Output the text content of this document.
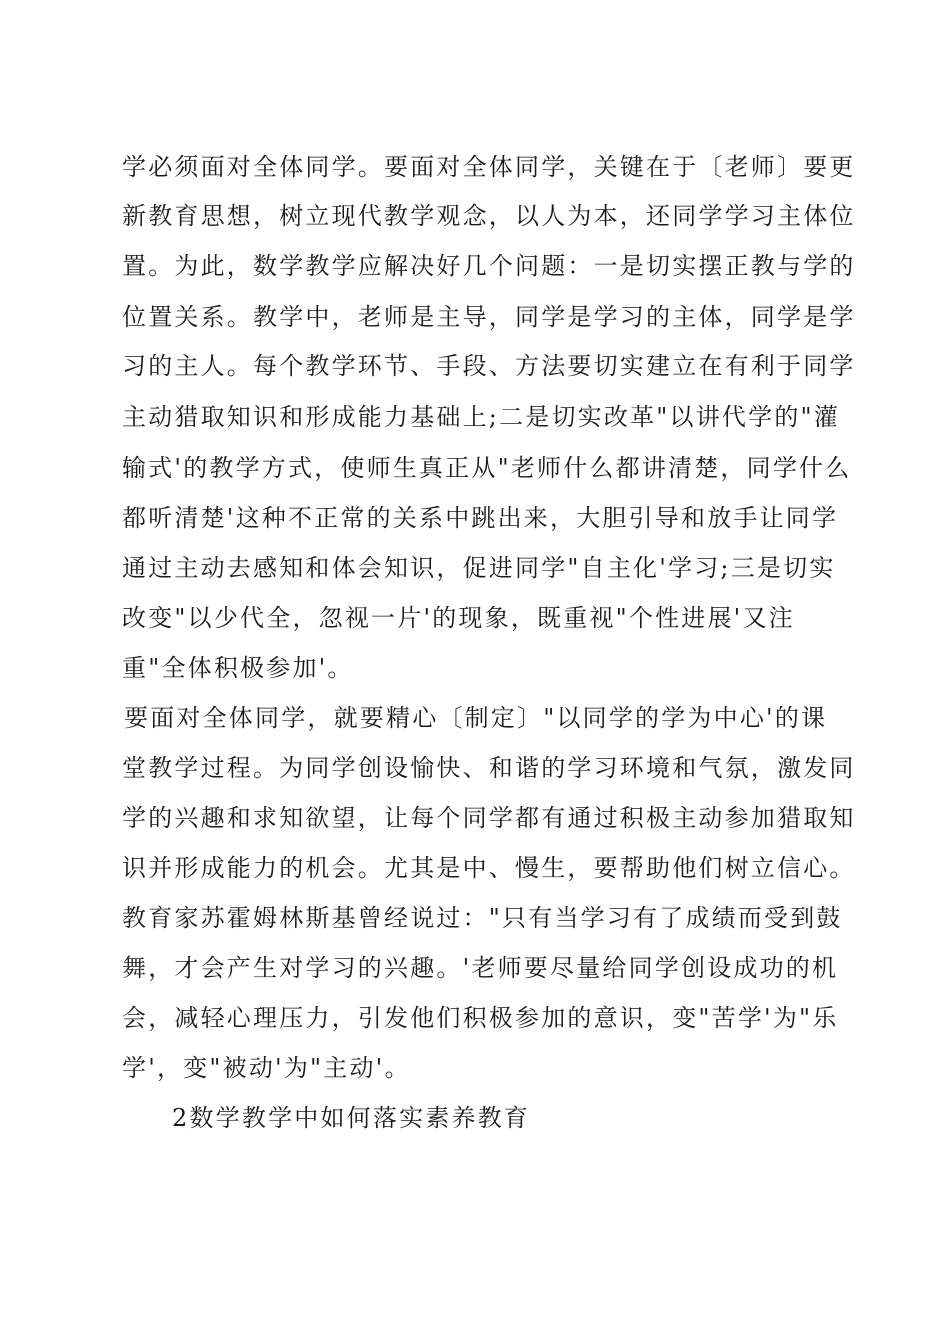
学必须面对全体同学。要面对全体同学，关键在于〔老师〕要更
新教育思想，树立现代教学观念，以人为本，还同学学习主体位
置。为此，数学教学应解决好几个问题：一是切实摆正教与学的
位置关系。教学中，老师是主导，同学是学习的主体，同学是学
习的主人。每个教学环节、手段、方法要切实建立在有利于同学
主动猎取知识和形成能力基础上;二是切实改革"以讲代学的"灌
输式'的教学方式，使师生真正从"老师什么都讲清楚，同学什么
都听清楚'这种不正常的关系中跳出来，大胆引导和放手让同学
通过主动去感知和体会知识，促进同学"自主化'学习;三是切实
改变"以少代全，忽视一片'的现象，既重视"个性进展'又注
重"全体积极参加'。
要面对全体同学，就要精心〔制定〕"以同学的学为中心'的课
堂教学过程。为同学创设愉快、和谐的学习环境和气氛，激发同
学的兴趣和求知欲望，让每个同学都有通过积极主动参加猎取知
识并形成能力的机会。尤其是中、慢生，要帮助他们树立信心。
教育家苏霍姆林斯基曾经说过："只有当学习有了成绩而受到鼓
舞，才会产生对学习的兴趣。'老师要尽量给同学创设成功的机
会，减轻心理压力，引发他们积极参加的意识，变"苦学'为"乐
学'，变"被动'为"主动'。
2数学教学中如何落实素养教育
